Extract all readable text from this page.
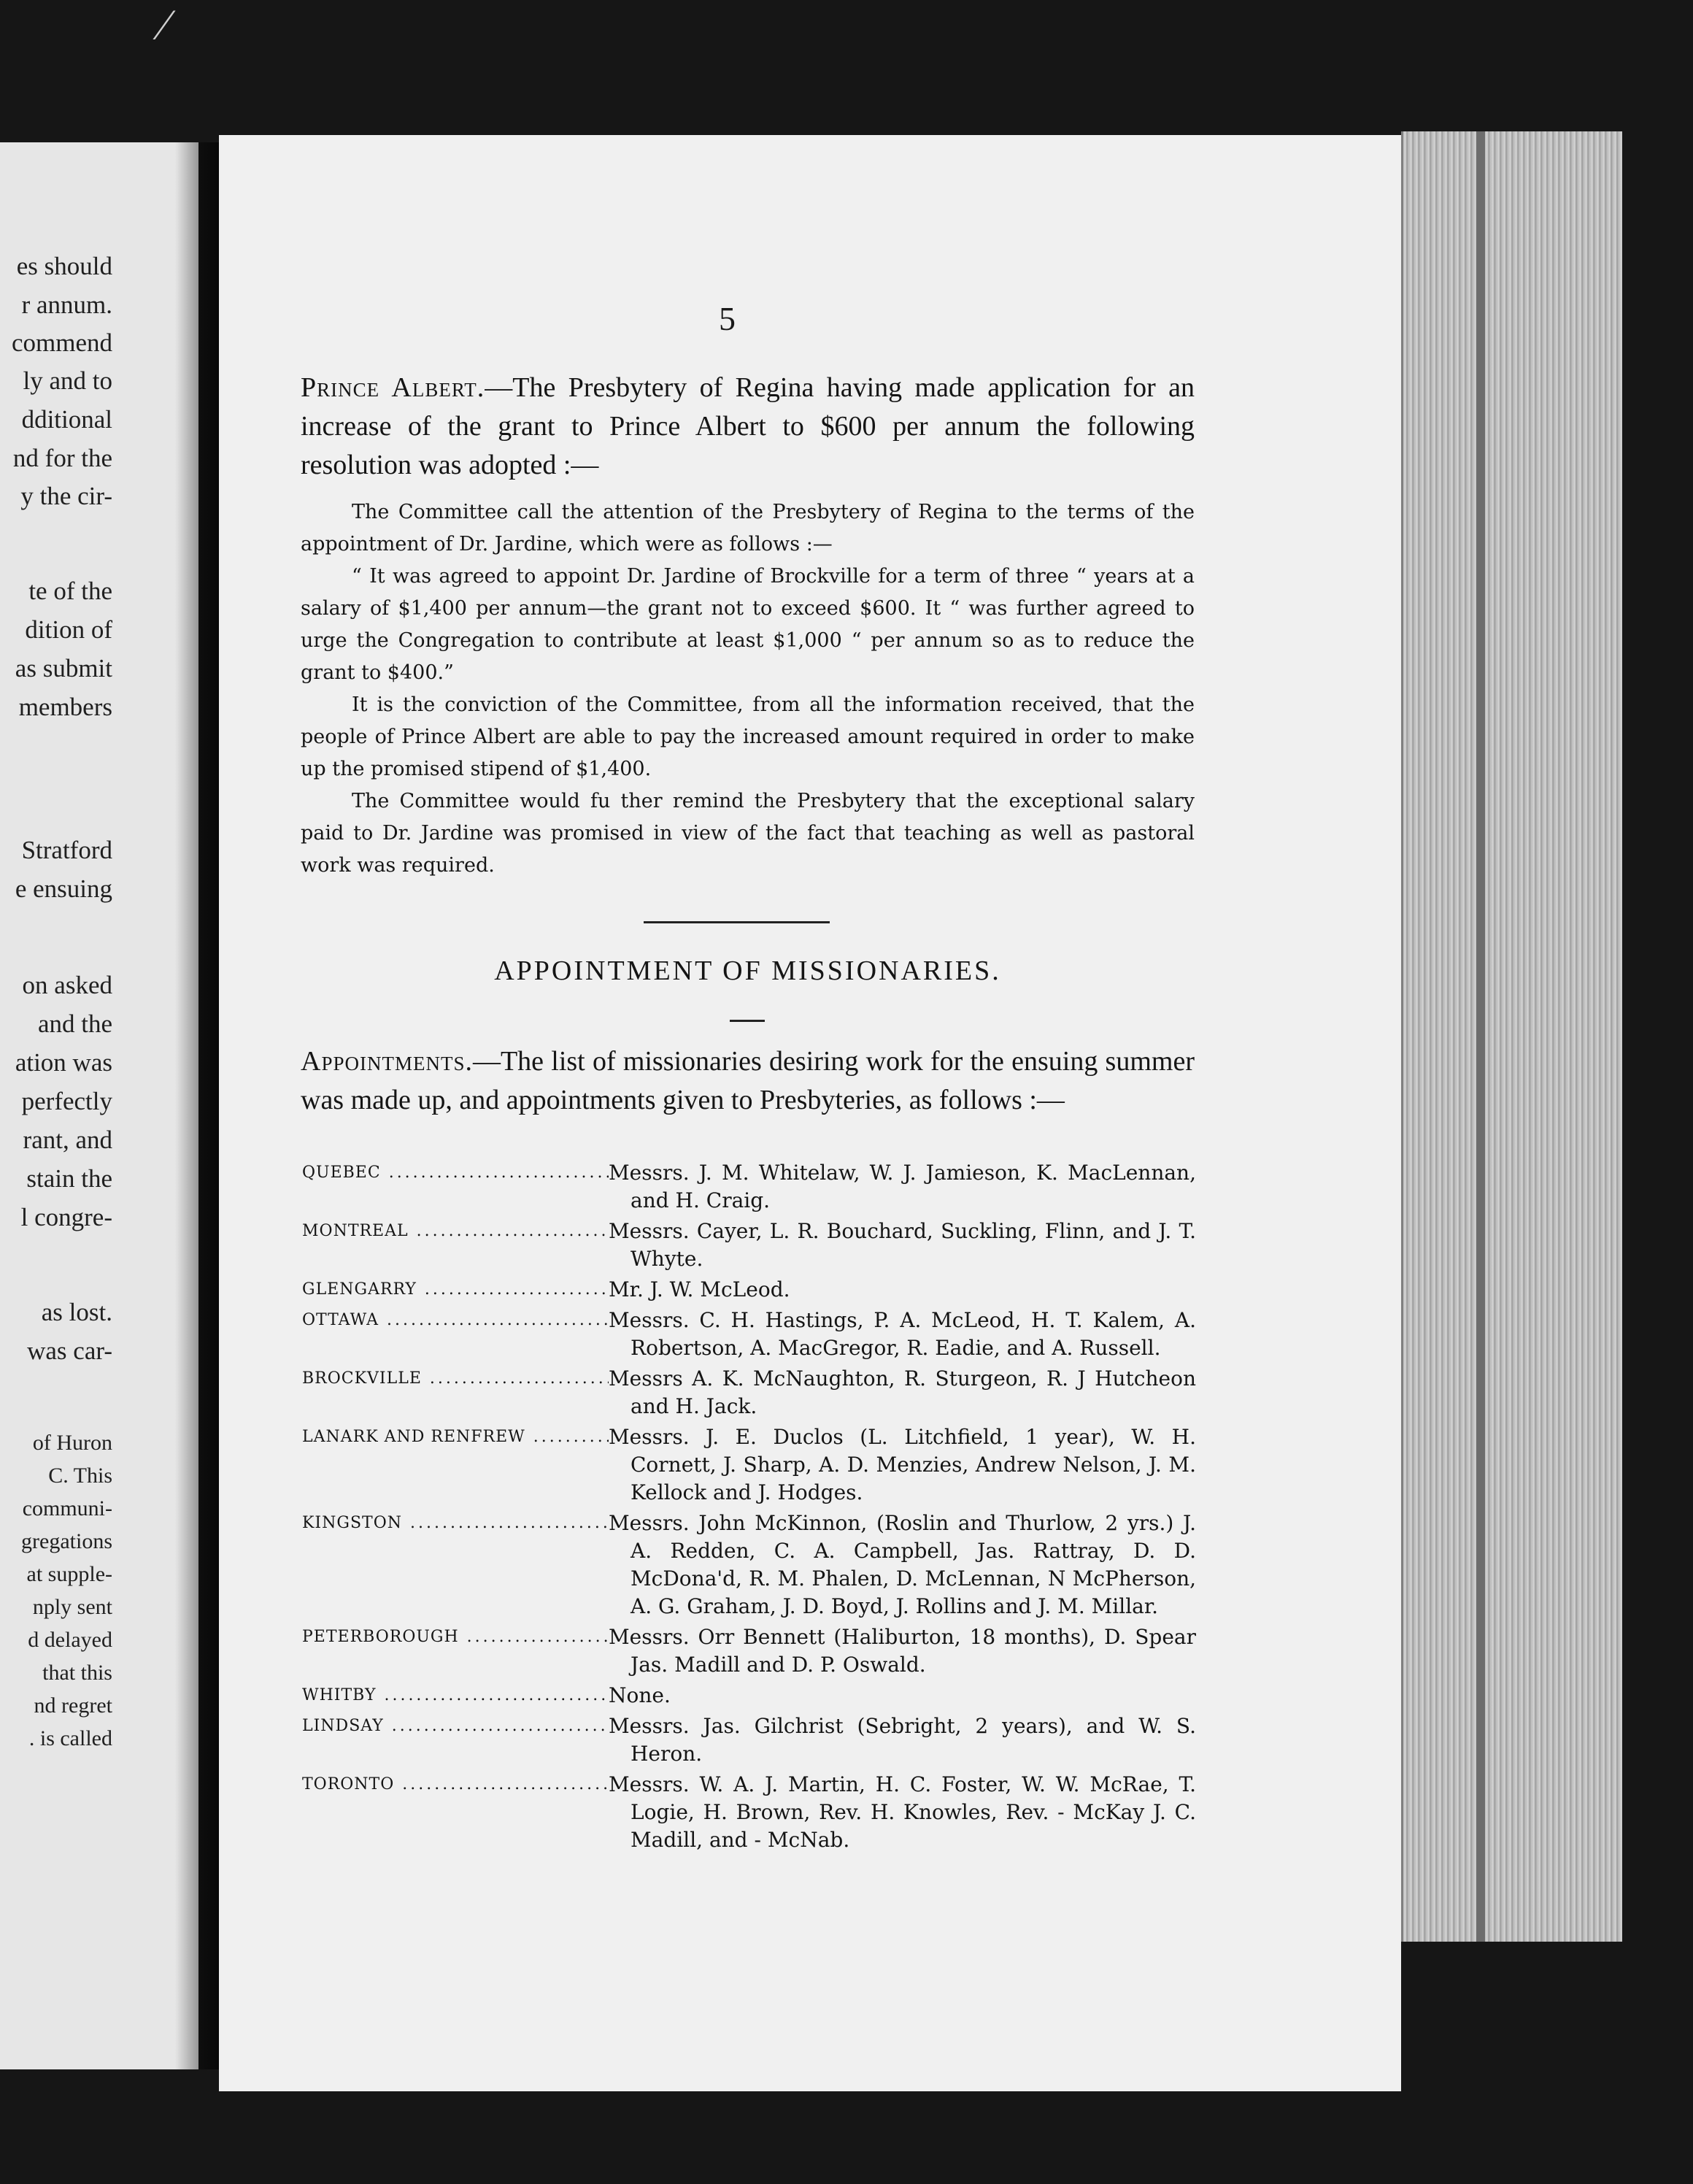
es should
r annum.
commend
ly and to
dditional
nd for the
y the cir-
te of the
dition of
as submit
members
Stratford
e ensuing
on asked
and the
ation was
perfectly
rant, and
stain the
l congre-
as lost.
was car-
of Huron
C. This
communi-
gregations
at supple-
nply sent
d delayed
that this
nd regret
. is called
⁄
5

Prince Albert.—The Presbytery of Regina having made application for an increase of the grant to Prince Albert to $600 per annum the following resolution was adopted :—

The Committee call the attention of the Presbytery of Regina to the terms of the appointment of Dr. Jardine, which were as follows :—

“ It was agreed to appoint Dr. Jardine of Brockville for a term of three “ years at a salary of $1,400 per annum—the grant not to exceed $600. It “ was further agreed to urge the Congregation to contribute at least $1,000 “ per annum so as to reduce the grant to $400.”

It is the conviction of the Committee, from all the information received, that the people of Prince Albert are able to pay the increased amount required in order to make up the promised stipend of $1,400.

The Committee would fu ther remind the Presbytery that the exceptional salary paid to Dr. Jardine was promised in view of the fact that teaching as well as pastoral work was required.

APPOINTMENT OF MISSIONARIES.

Appointments.—The list of missionaries desiring work for the ensuing summer was made up, and appointments given to Presbyteries, as follows :—

QUEBEC .....	Messrs. J. M. Whitelaw, W. J. Jamieson, K. MacLennan, and H. Craig.
MONTREAL .....	Messrs. Cayer, L. R. Bouchard, Suckling, Flinn, and J. T. Whyte.
GLENGARRY .....	Mr. J. W. McLeod.
OTTAWA .....	Messrs. C. H. Hastings, P. A. McLeod, H. T. Kalem, A. Robertson, A. MacGregor, R. Eadie, and A. Russell.
BROCKVILLE .....	Messrs A. K. McNaughton, R. Sturgeon, R. J Hutcheon and H. Jack.
LANARK AND RENFREW .....	Messrs. J. E. Duclos (L. Litchfield, 1 year), W. H. Cornett, J. Sharp, A. D. Menzies, Andrew Nelson, J. M. Kellock and J. Hodges.
KINGSTON .....	Messrs. John McKinnon, (Roslin and Thurlow, 2 yrs.) J. A. Redden, C. A. Campbell, Jas. Rattray, D. D. McDona'd, R. M. Phalen, D. McLennan, N McPherson, A. G. Graham, J. D. Boyd, J. Rollins and J. M. Millar.
PETERBOROUGH .....	Messrs. Orr Bennett (Haliburton, 18 months), D. Spear Jas. Madill and D. P. Oswald.
WHITBY .....	None.
LINDSAY .....	Messrs. Jas. Gilchrist (Sebright, 2 years), and W. S. Heron.
TORONTO .....	Messrs. W. A. J. Martin, H. C. Foster, W. W. McRae, T. Logie, H. Brown, Rev. H. Knowles, Rev. - McKay J. C. Madill, and - McNab.
